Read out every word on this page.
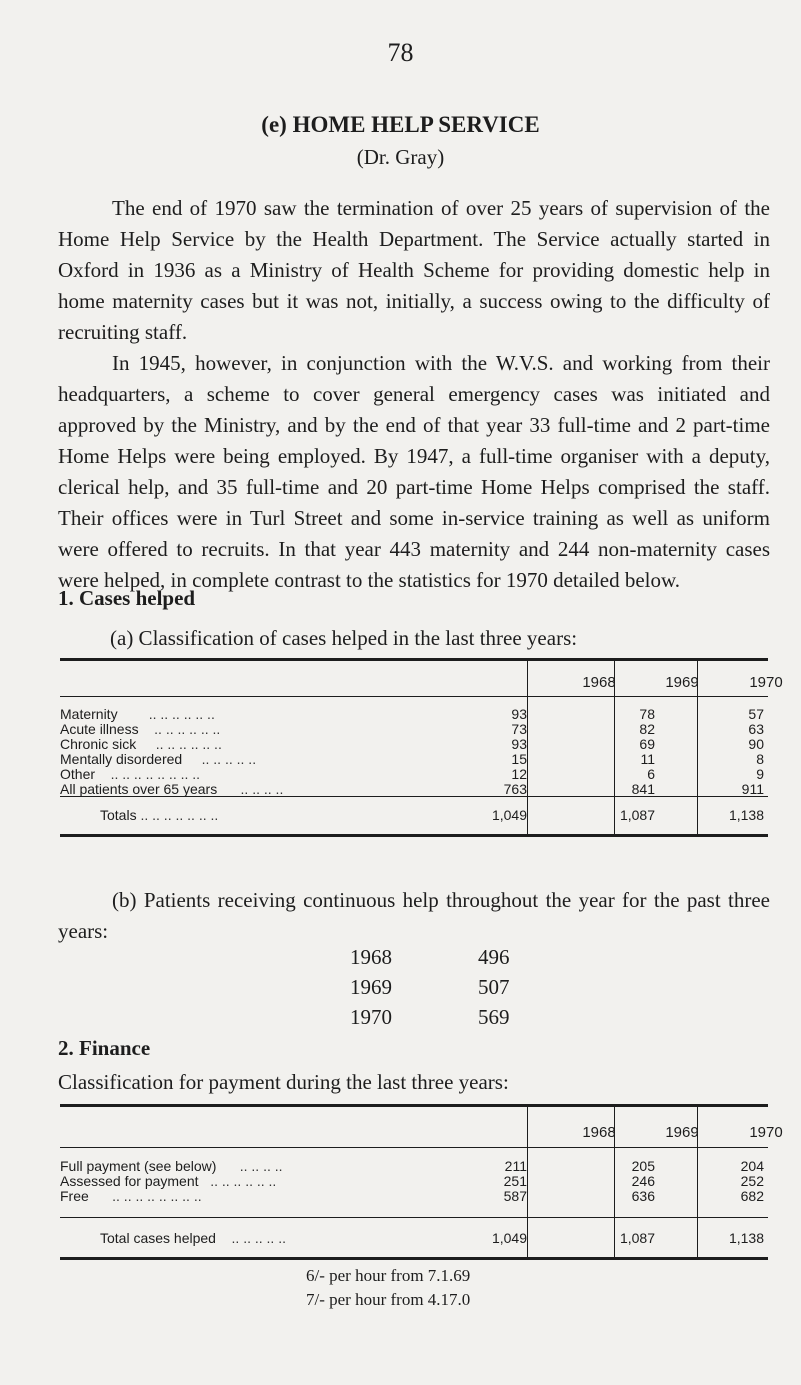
78
(e) HOME HELP SERVICE
(Dr. Gray)

The end of 1970 saw the termination of over 25 years of supervision of the Home Help Service by the Health Department. The Service actually started in Oxford in 1936 as a Ministry of Health Scheme for providing domestic help in home maternity cases but it was not, initially, a success owing to the difficulty of recruiting staff.

In 1945, however, in conjunction with the W.V.S. and working from their headquarters, a scheme to cover general emergency cases was initiated and approved by the Ministry, and by the end of that year 33 full-time and 2 part-time Home Helps were being employed. By 1947, a full-time organiser with a deputy, clerical help, and 35 full-time and 20 part-time Home Helps comprised the staff. Their offices were in Turl Street and some in-service training as well as uniform were offered to recruits. In that year 443 maternity and 244 non-maternity cases were helped, in complete contrast to the statistics for 1970 detailed below.

1. Cases helped

(a) Classification of cases helped in the last three years:

1968	1969	1970
Maternity .. .. .. .. .. ..	93	78	57
Acute illness .. .. .. .. .. ..	73	82	63
Chronic sick .. .. .. .. .. ..	93	69	90
Mentally disordered .. .. .. .. ..	15	11	8
Other .. .. .. .. .. .. .. ..	12	6	9
All patients over 65 years .. .. .. ..	763	841	911
Totals .. .. .. .. .. .. ..	1,049	1,087	1,138

(b) Patients receiving continuous help throughout the year for the past three years:

1968	496
1969	507
1970	569

2. Finance

Classification for payment during the last three years:

1968	1969	1970
Full payment (see below) .. .. .. ..	211	205	204
Assessed for payment .. .. .. .. .. ..	251	246	252
Free .. .. .. .. .. .. .. ..	587	636	682
Total cases helped .. .. .. .. ..	1,049	1,087	1,138
6/- per hour from 7.1.69
7/- per hour from 4.17.0
